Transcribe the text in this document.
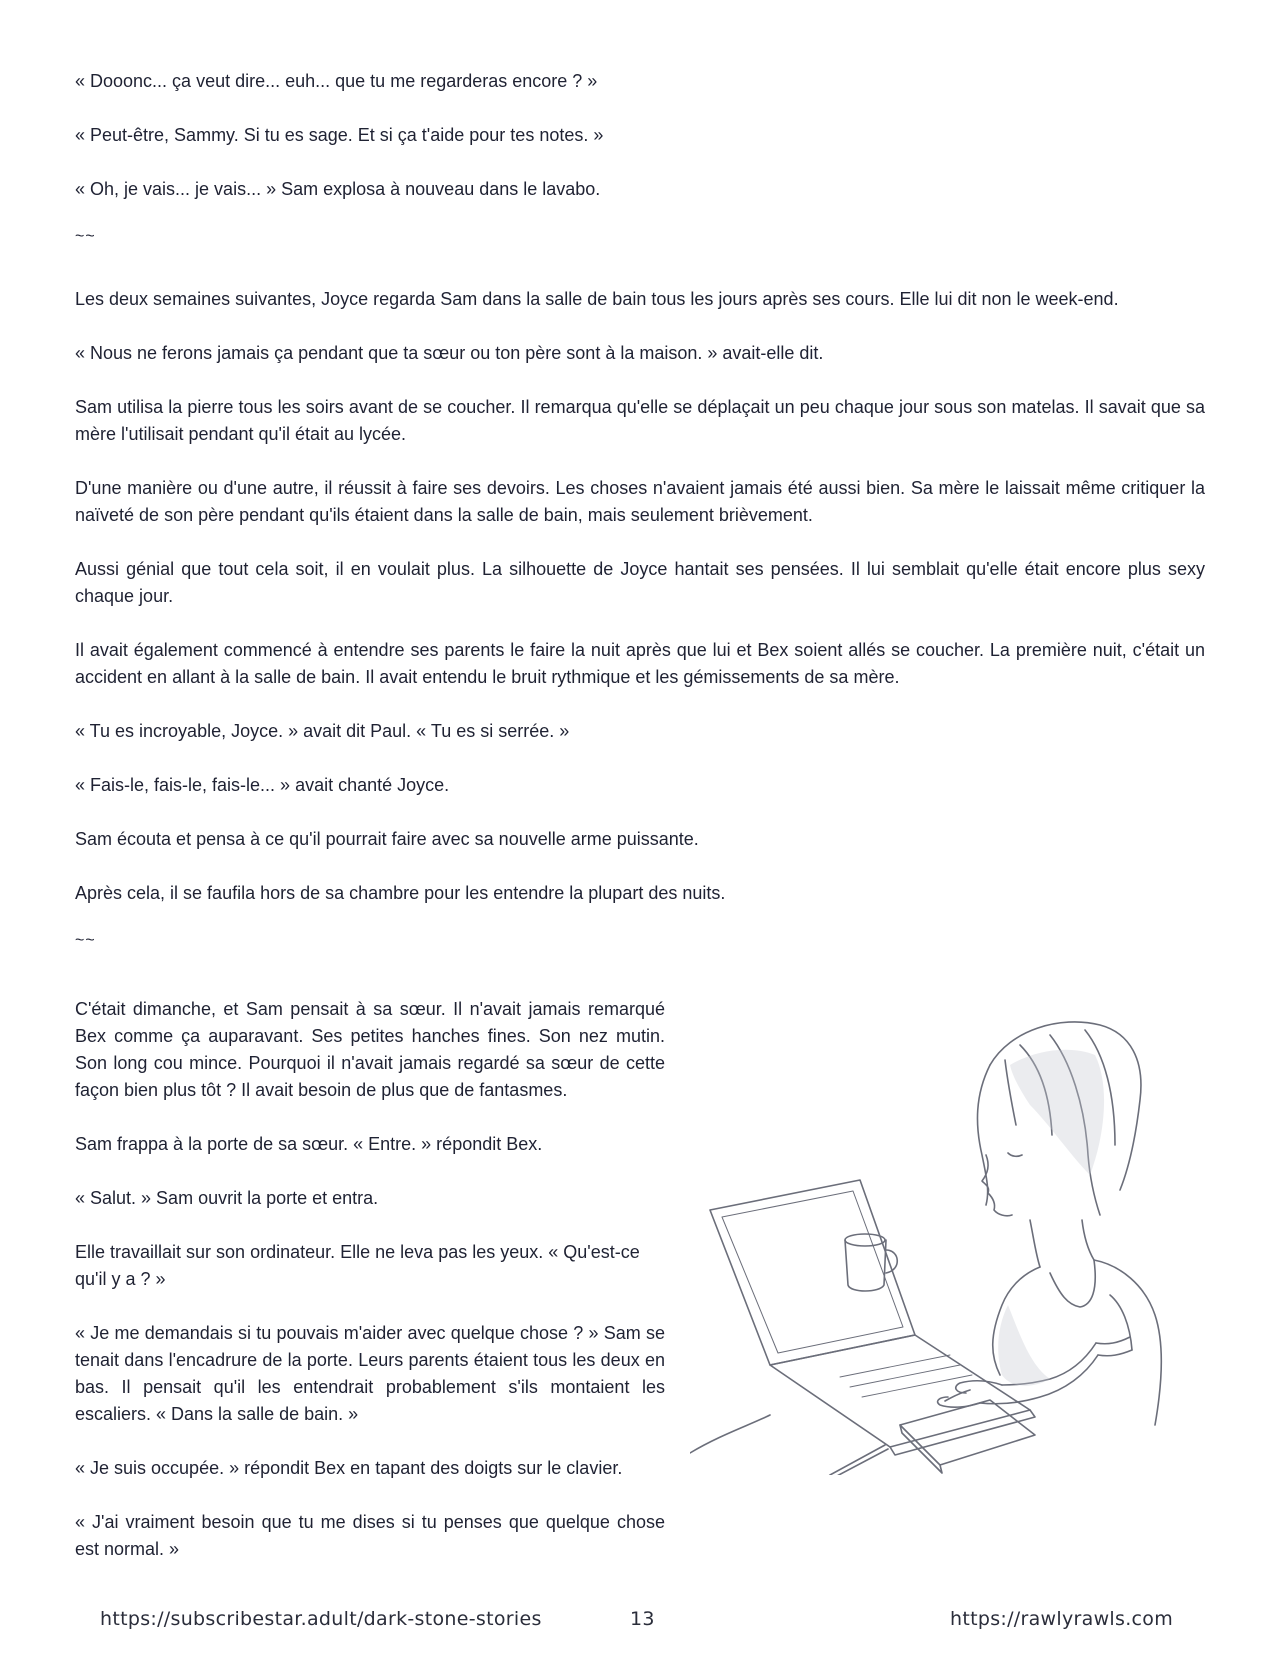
« Dooonc... ça veut dire... euh... que tu me regarderas encore ? »

« Peut-être, Sammy. Si tu es sage. Et si ça t'aide pour tes notes. »

« Oh, je vais... je vais... » Sam explosa à nouveau dans le lavabo.

~~

Les deux semaines suivantes, Joyce regarda Sam dans la salle de bain tous les jours après ses cours. Elle lui dit non le week-end.

« Nous ne ferons jamais ça pendant que ta sœur ou ton père sont à la maison. » avait-elle dit.

Sam utilisa la pierre tous les soirs avant de se coucher. Il remarqua qu'elle se déplaçait un peu chaque jour sous son matelas. Il savait que sa mère l'utilisait pendant qu'il était au lycée.

D'une manière ou d'une autre, il réussit à faire ses devoirs. Les choses n'avaient jamais été aussi bien. Sa mère le laissait même critiquer la naïveté de son père pendant qu'ils étaient dans la salle de bain, mais seulement brièvement.

Aussi génial que tout cela soit, il en voulait plus. La silhouette de Joyce hantait ses pensées. Il lui semblait qu'elle était encore plus sexy chaque jour.

Il avait également commencé à entendre ses parents le faire la nuit après que lui et Bex soient allés se coucher. La première nuit, c'était un accident en allant à la salle de bain. Il avait entendu le bruit rythmique et les gémissements de sa mère.

« Tu es incroyable, Joyce. » avait dit Paul. « Tu es si serrée. »

« Fais-le, fais-le, fais-le... » avait chanté Joyce.

Sam écouta et pensa à ce qu'il pourrait faire avec sa nouvelle arme puissante.

Après cela, il se faufila hors de sa chambre pour les entendre la plupart des nuits.

~~

C'était dimanche, et Sam pensait à sa sœur. Il n'avait jamais remarqué Bex comme ça auparavant. Ses petites hanches fines. Son nez mutin. Son long cou mince. Pourquoi il n'avait jamais regardé sa sœur de cette façon bien plus tôt ? Il avait besoin de plus que de fantasmes.

Sam frappa à la porte de sa sœur. « Entre. » répondit Bex.

« Salut. » Sam ouvrit la porte et entra.

Elle travaillait sur son ordinateur. Elle ne leva pas les yeux. « Qu'est-ce qu'il y a ? »

« Je me demandais si tu pouvais m'aider avec quelque chose ? » Sam se tenait dans l'encadrure de la porte. Leurs parents étaient tous les deux en bas. Il pensait qu'il les entendrait probablement s'ils montaient les escaliers. « Dans la salle de bain. »

« Je suis occupée. » répondit Bex en tapant des doigts sur le clavier.

« J'ai vraiment besoin que tu me dises si tu penses que quelque chose est normal. »

https://subscribestar.adult/dark-stone-stories	13	https://rawlyrawls.com
